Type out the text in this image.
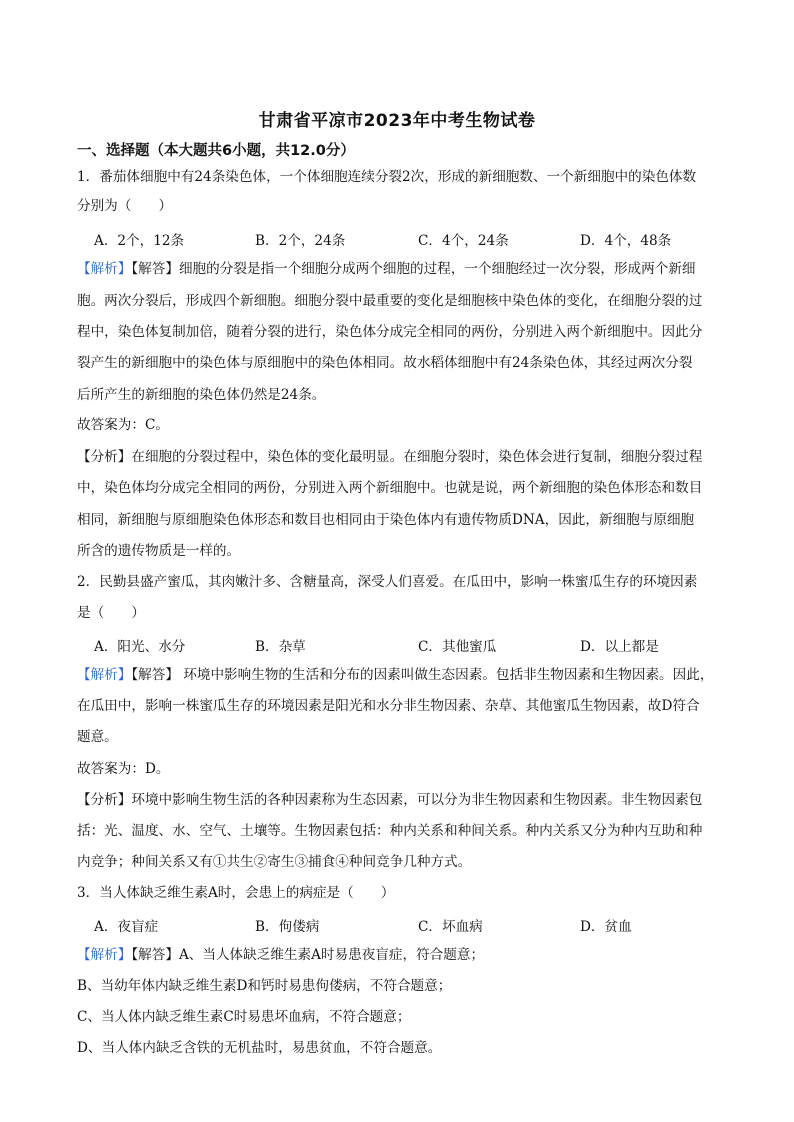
甘肃省平凉市2023年中考生物试卷
一、选择题（本大题共6小题，共12.0分）
1．番茄体细胞中有24条染色体，一个体细胞连续分裂2次，形成的新细胞数、一个新细胞中的染色体数
分别为（　　）
A．2个，12条	B．2个，24条	C．4个，24条	D．4个，48条
【解析】【解答】细胞的分裂是指一个细胞分成两个细胞的过程，一个细胞经过一次分裂，形成两个新细
胞。两次分裂后，形成四个新细胞。细胞分裂中最重要的变化是细胞核中染色体的变化，在细胞分裂的过
程中，染色体复制加倍，随着分裂的进行，染色体分成完全相同的两份，分别进入两个新细胞中。因此分
裂产生的新细胞中的染色体与原细胞中的染色体相同。故水稻体细胞中有24条染色体，其经过两次分裂
后所产生的新细胞的染色体仍然是24条。
故答案为：C。
【分析】在细胞的分裂过程中，染色体的变化最明显。在细胞分裂时，染色体会进行复制，细胞分裂过程
中，染色体均分成完全相同的两份，分别进入两个新细胞中。也就是说，两个新细胞的染色体形态和数目
相同，新细胞与原细胞染色体形态和数目也相同由于染色体内有遗传物质DNA，因此，新细胞与原细胞
所含的遗传物质是一样的。
2．民勤县盛产蜜瓜，其肉嫩汁多、含糖量高，深受人们喜爱。在瓜田中，影响一株蜜瓜生存的环境因素
是（　　）
A．阳光、水分	B．杂草	C．其他蜜瓜	D．以上都是
【解析】【解答】 环境中影响生物的生活和分布的因素叫做生态因素。包括非生物因素和生物因素。因此，
在瓜田中，影响一株蜜瓜生存的环境因素是阳光和水分非生物因素、杂草、其他蜜瓜生物因素，故D符合
题意。
故答案为：D。
【分析】环境中影响生物生活的各种因素称为生态因素，可以分为非生物因素和生物因素。非生物因素包
括：光、温度、水、空气、土壤等。生物因素包括：种内关系和种间关系。种内关系又分为种内互助和种
内竞争；种间关系又有①共生②寄生③捕食④种间竞争几种方式。
3．当人体缺乏维生素A时，会患上的病症是（　　）
A．夜盲症	B．佝偻病	C．坏血病	D．贫血
【解析】【解答】A、当人体缺乏维生素A时易患夜盲症，符合题意；
B、当幼年体内缺乏维生素D和钙时易患佝偻病，不符合题意；
C、当人体内缺乏维生素C时易患坏血病，不符合题意；
D、当人体内缺乏含铁的无机盐时，易患贫血，不符合题意。
